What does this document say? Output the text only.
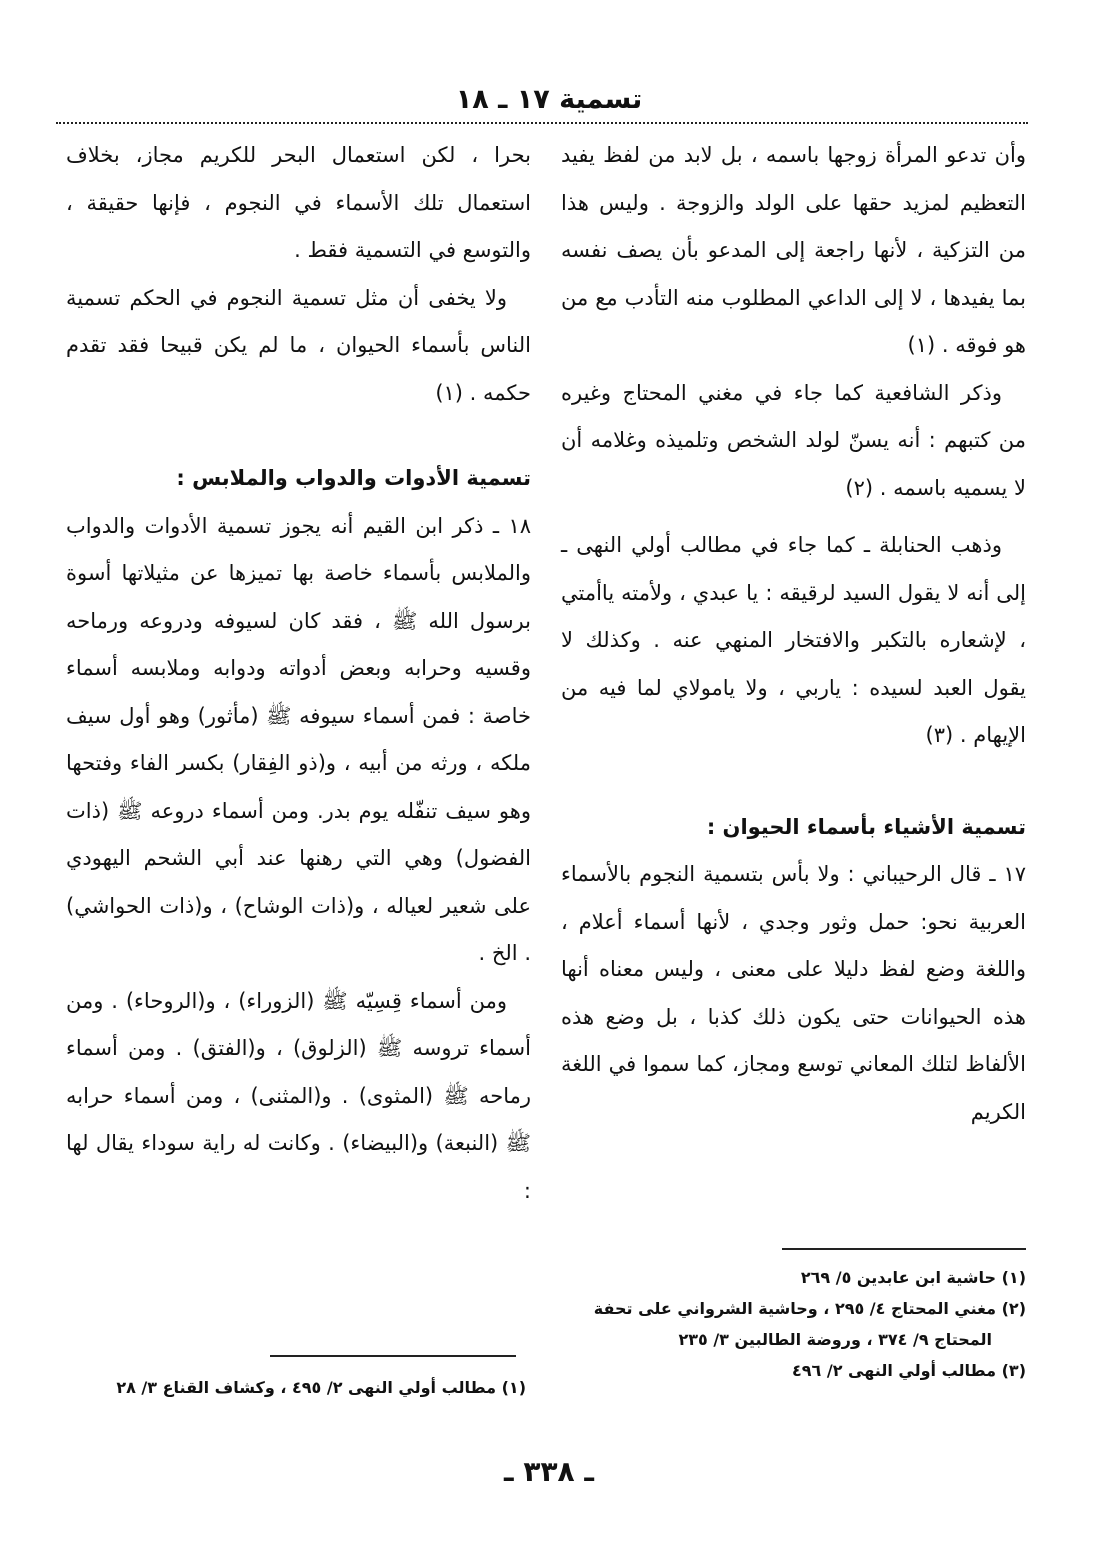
تسمية ١٧ ـ ١٨

وأن تدعو المرأة زوجها باسمه ، بل لابد من لفظ يفيد التعظيم لمزيد حقها على الولد والزوجة . وليس هذا من التزكية ، لأنها راجعة إلى المدعو بأن يصف نفسه بما يفيدها ، لا إلى الداعي المطلوب منه التأدب مع من هو فوقه . (١)

وذكر الشافعية كما جاء في مغني المحتاج وغيره من كتبهم : أنه يسنّ لولد الشخص وتلميذه وغلامه أن لا يسميه باسمه . (٢)

وذهب الحنابلة ـ كما جاء في مطالب أولي النهى ـ إلى أنه لا يقول السيد لرقيقه : يا عبدي ، ولأمته ياأمتي ، لإشعاره بالتكبر والافتخار المنهي عنه . وكذلك لا يقول العبد لسيده : ياربي ، ولا يامولاي لما فيه من الإيهام . (٣)

تسمية الأشياء بأسماء الحيوان :

١٧ ـ قال الرحيباني : ولا بأس بتسمية النجوم بالأسماء العربية نحو: حمل وثور وجدي ، لأنها أسماء أعلام ، واللغة وضع لفظ دليلا على معنى ، وليس معناه أنها هذه الحيوانات حتى يكون ذلك كذبا ، بل وضع هذه الألفاظ لتلك المعاني توسع ومجاز، كما سموا في اللغة الكريم

بحرا ، لكن استعمال البحر للكريم مجاز، بخلاف استعمال تلك الأسماء في النجوم ، فإنها حقيقة ، والتوسع في التسمية فقط .

ولا يخفى أن مثل تسمية النجوم في الحكم تسمية الناس بأسماء الحيوان ، ما لم يكن قبيحا فقد تقدم حكمه . (١)

تسمية الأدوات والدواب والملابس :

١٨ ـ ذكر ابن القيم أنه يجوز تسمية الأدوات والدواب والملابس بأسماء خاصة بها تميزها عن مثيلاتها أسوة برسول الله ﷺ ، فقد كان لسيوفه ودروعه ورماحه وقسيه وحرابه وبعض أدواته ودوابه وملابسه أسماء خاصة : فمن أسماء سيوفه ﷺ (مأثور) وهو أول سيف ملكه ، ورثه من أبيه ، و(ذو الفِقار) بكسر الفاء وفتحها وهو سيف تنفّله يوم بدر. ومن أسماء دروعه ﷺ (ذات الفضول) وهي التي رهنها عند أبي الشحم اليهودي على شعير لعياله ، و(ذات الوشاح) ، و(ذات الحواشي) . الخ .

ومن أسماء قِسِيّه ﷺ (الزوراء) ، و(الروحاء) . ومن أسماء تروسه ﷺ (الزلوق) ، و(الفتق) . ومن أسماء رماحه ﷺ (المثوى) . و(المثنى) ، ومن أسماء حرابه ﷺ (النبعة) و(البيضاء) . وكانت له راية سوداء يقال لها :

(١) حاشية ابن عابدين ٥/ ٢٦٩

(٢) مغني المحتاج ٤/ ٢٩٥ ، وحاشية الشرواني على تحفة

المحتاج ٩/ ٣٧٤ ، وروضة الطالبين ٣/ ٢٣٥

(٣) مطالب أولي النهى ٢/ ٤٩٦

(١) مطالب أولي النهى ٢/ ٤٩٥ ، وكشاف القناع ٣/ ٢٨

ـ ٣٣٨ ـ
